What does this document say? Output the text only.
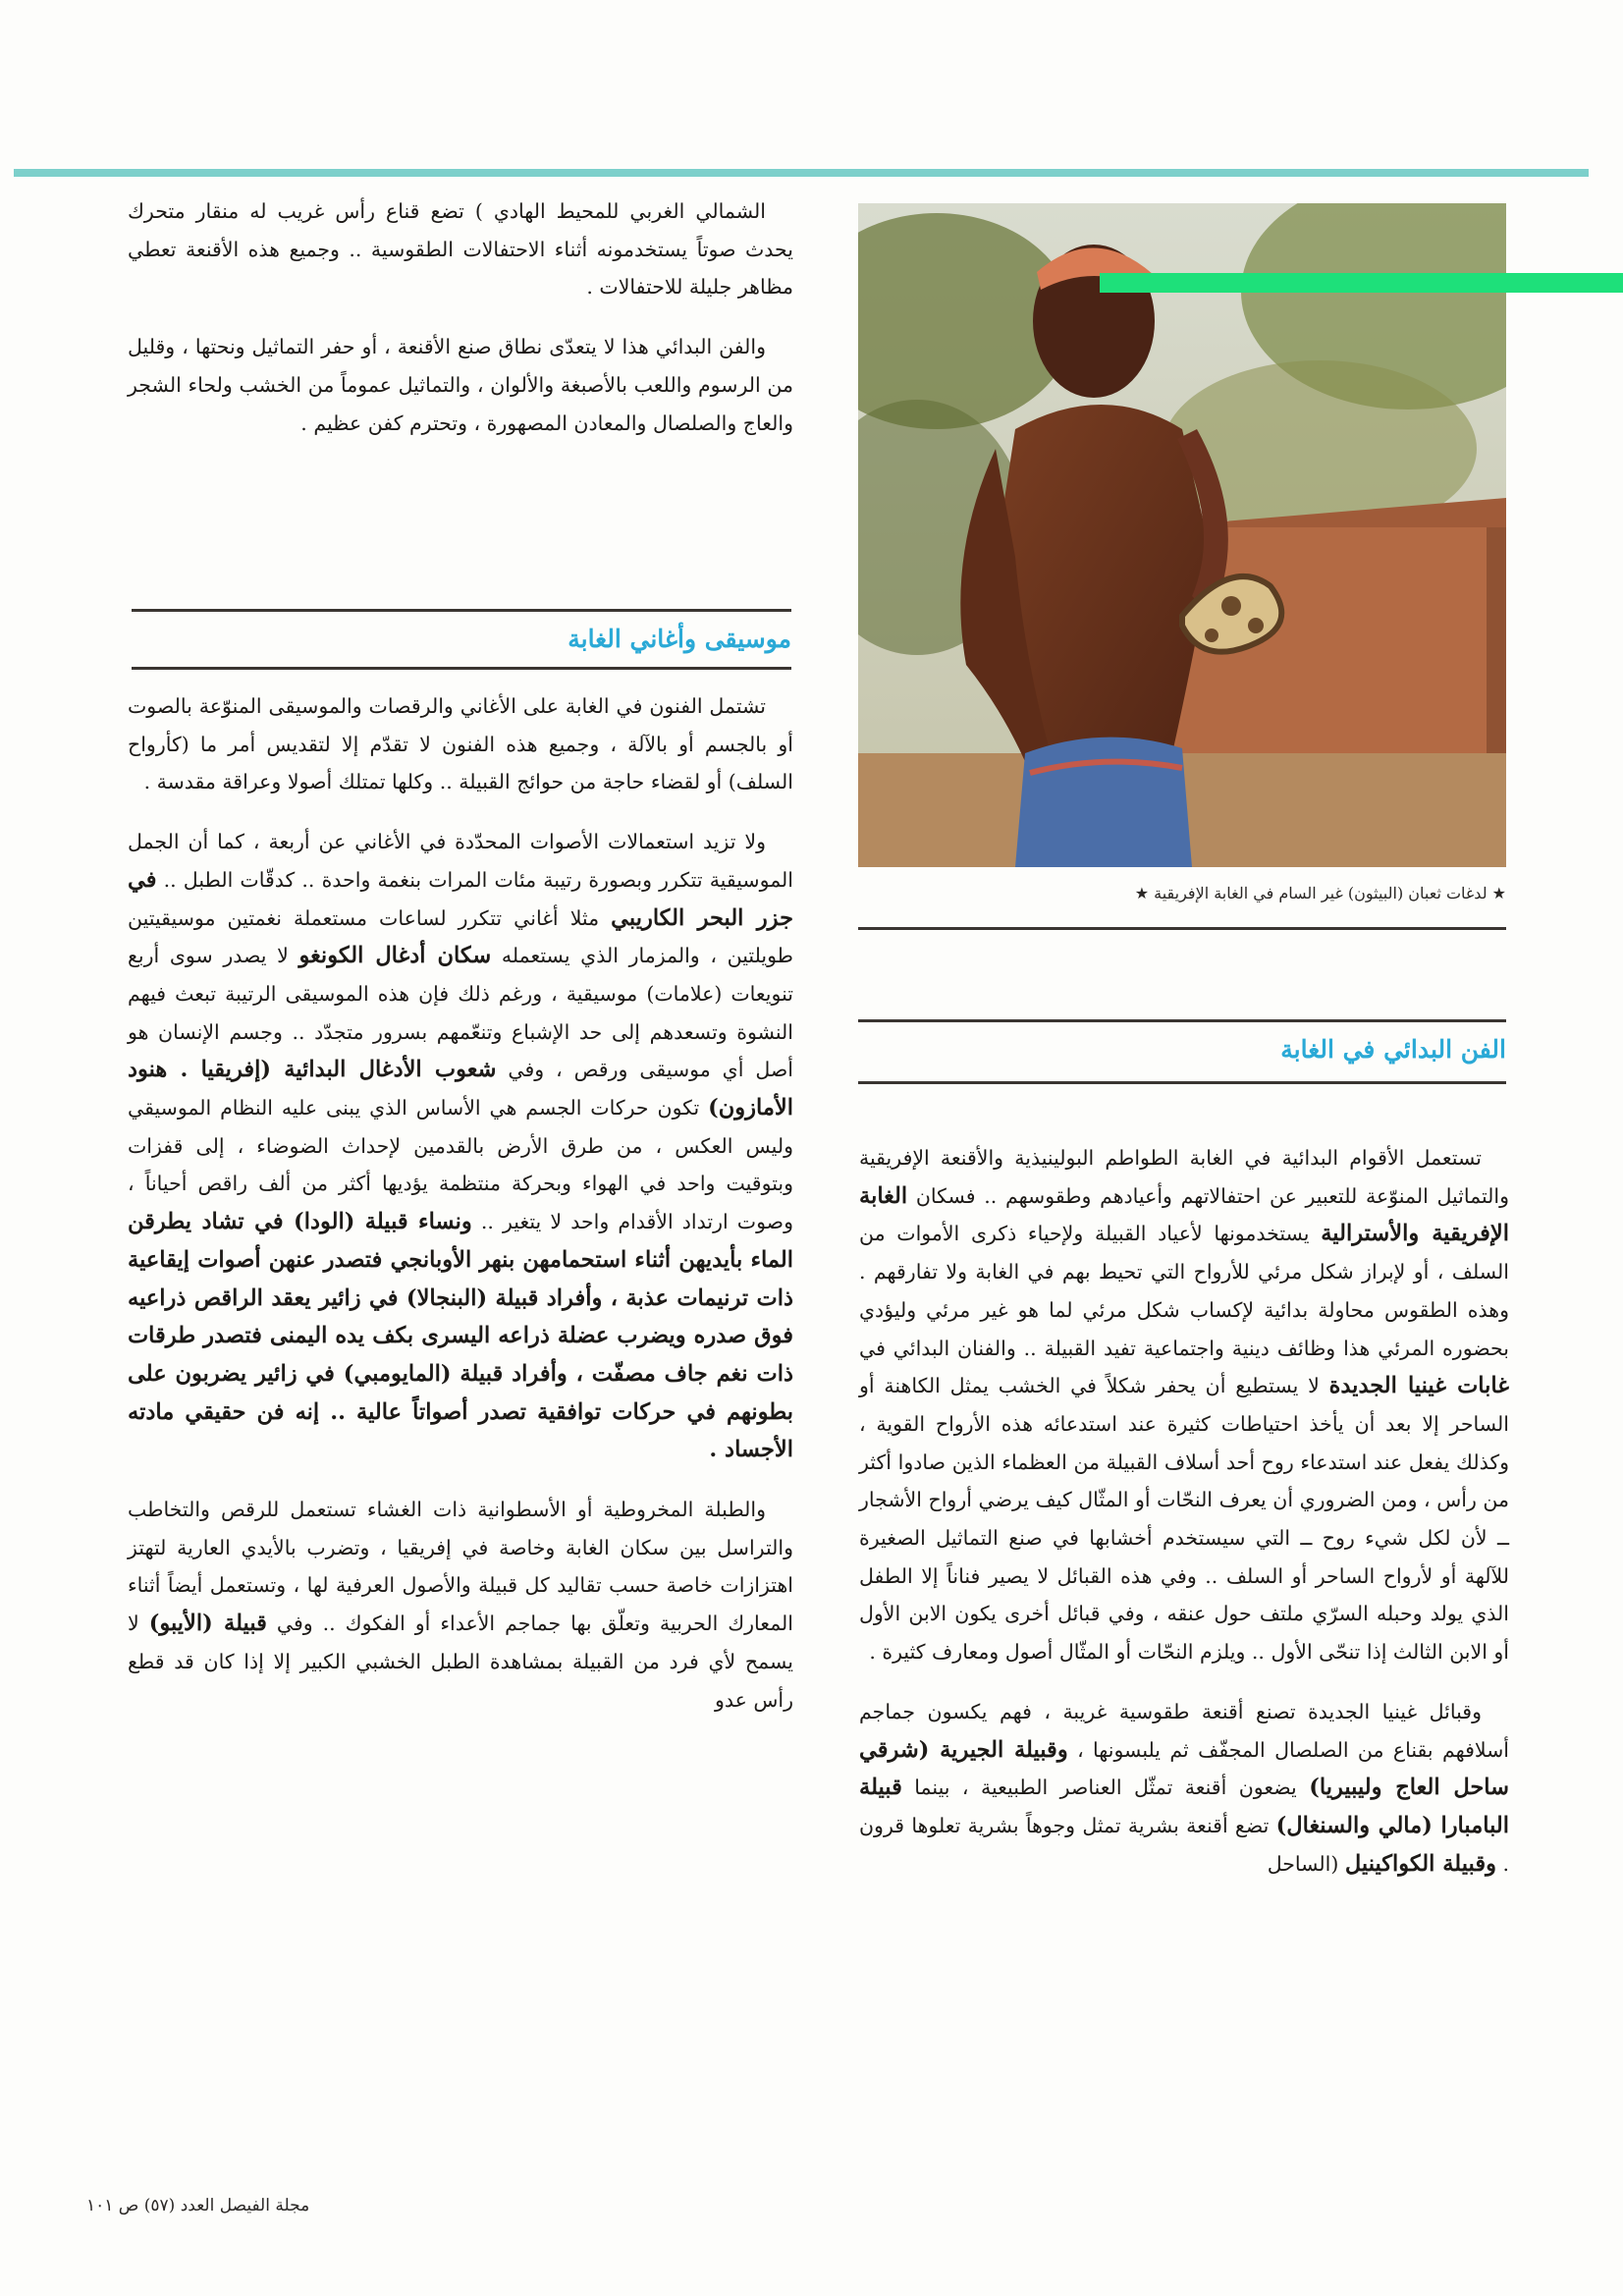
★ لدغات ثعبان (البيثون) غير السام في الغابة الإفريقية ★

الشمالي الغربي للمحيط الهادي ) تضع قناع رأس غريب له منقار متحرك يحدث صوتاً يستخدمونه أثناء الاحتفالات الطقوسية .. وجميع هذه الأقنعة تعطي مظاهر جليلة للاحتفالات .

والفن البدائي هذا لا يتعدّى نطاق صنع الأقنعة ، أو حفر التماثيل ونحتها ، وقليل من الرسوم واللعب بالأصبغة والألوان ، والتماثيل عموماً من الخشب ولحاء الشجر والعاج والصلصال والمعادن المصهورة ، وتحترم كفن عظيم .

موسيقى وأغاني الغابة

تشتمل الفنون في الغابة على الأغاني والرقصات والموسيقى المنوّعة بالصوت أو بالجسم أو بالآلة ، وجميع هذه الفنون لا تقدّم إلا لتقديس أمر ما (كأرواح السلف) أو لقضاء حاجة من حوائج القبيلة .. وكلها تمتلك أصولا وعراقة مقدسة .

ولا تزيد استعمالات الأصوات المحدّدة في الأغاني عن أربعة ، كما أن الجمل الموسيقية تتكرر وبصورة رتيبة مئات المرات بنغمة واحدة .. كدقّات الطبل .. في جزر البحر الكاريبي مثلا أغاني تتكرر لساعات مستعملة نغمتين موسيقيتين طويلتين ، والمزمار الذي يستعمله سكان أدغال الكونغو لا يصدر سوى أربع تنويعات (علامات) موسيقية ، ورغم ذلك فإن هذه الموسيقى الرتيبة تبعث فيهم النشوة وتسعدهم إلى حد الإشباع وتنعّمهم بسرور متجدّد .. وجسم الإنسان هو أصل أي موسيقى ورقص ، وفي شعوب الأدغال البدائية (إفريقيا . هنود الأمازون) تكون حركات الجسم هي الأساس الذي يبنى عليه النظام الموسيقي وليس العكس ، من طرق الأرض بالقدمين لإحداث الضوضاء ، إلى قفزات وبتوقيت واحد في الهواء وبحركة منتظمة يؤديها أكثر من ألف راقص أحياناً ، وصوت ارتداد الأقدام واحد لا يتغير .. ونساء قبيلة (الودا) في تشاد يطرقن الماء بأيديهن أثناء استحمامهن بنهر الأوبانجي فتصدر عنهن أصوات إيقاعية ذات ترنيمات عذبة ، وأفراد قبيلة (البنجالا) في زائير يعقد الراقص ذراعيه فوق صدره ويضرب عضلة ذراعه اليسرى بكف يده اليمنى فتصدر طرقات ذات نغم جاف مصفّت ، وأفراد قبيلة (المايومبي) في زائير يضربون على بطونهم في حركات توافقية تصدر أصواتاً عالية .. إنه فن حقيقي مادته الأجساد .

والطبلة المخروطية أو الأسطوانية ذات الغشاء تستعمل للرقص والتخاطب والتراسل بين سكان الغابة وخاصة في إفريقيا ، وتضرب بالأيدي العارية لتهتز اهتزازات خاصة حسب تقاليد كل قبيلة والأصول العرفية لها ، وتستعمل أيضاً أثناء المعارك الحربية وتعلّق بها جماجم الأعداء أو الفكوك .. وفي قبيلة (الأيبو) لا يسمح لأي فرد من القبيلة بمشاهدة الطبل الخشبي الكبير إلا إذا كان قد قطع رأس عدو

الفن البدائي في الغابة

تستعمل الأقوام البدائية في الغابة الطواطم البولينيذية والأقنعة الإفريقية والتماثيل المنوّعة للتعبير عن احتفالاتهم وأعيادهم وطقوسهم .. فسكان الغابة الإفريقية والأسترالية يستخدمونها لأعياد القبيلة ولإحياء ذكرى الأموات من السلف ، أو لإبراز شكل مرئي للأرواح التي تحيط بهم في الغابة ولا تفارقهم . وهذه الطقوس محاولة بدائية لإكساب شكل مرئي لما هو غير مرئي وليؤدي بحضوره المرئي هذا وظائف دينية واجتماعية تفيد القبيلة .. والفنان البدائي في غابات غينيا الجديدة لا يستطيع أن يحفر شكلاً في الخشب يمثل الكاهنة أو الساحر إلا بعد أن يأخذ احتياطات كثيرة عند استدعائه هذه الأرواح القوية ، وكذلك يفعل عند استدعاء روح أحد أسلاف القبيلة من العظماء الذين صادوا أكثر من رأس ، ومن الضروري أن يعرف النحّات أو المثّال كيف يرضي أرواح الأشجار ــ لأن لكل شيء روح ــ التي سيستخدم أخشابها في صنع التماثيل الصغيرة للآلهة أو لأرواح الساحر أو السلف .. وفي هذه القبائل لا يصير فناناً إلا الطفل الذي يولد وحبله السرّي ملتف حول عنقه ، وفي قبائل أخرى يكون الابن الأول أو الابن الثالث إذا تنحّى الأول .. ويلزم النحّات أو المثّال أصول ومعارف كثيرة .

وقبائل غينيا الجديدة تصنع أقنعة طقوسية غريبة ، فهم يكسون جماجم أسلافهم بقناع من الصلصال المجفّف ثم يلبسونها ، وقبيلة الجيرية (شرقي ساحل العاج وليبيريا) يضعون أقنعة تمثّل العناصر الطبيعية ، بينما قبيلة البامبارا (مالي والسنغال) تضع أقنعة بشرية تمثل وجوهاً بشرية تعلوها قرون . وقبيلة الكواكينيل (الساحل

مجلة الفيصل العدد (٥٧) ص ١٠١
